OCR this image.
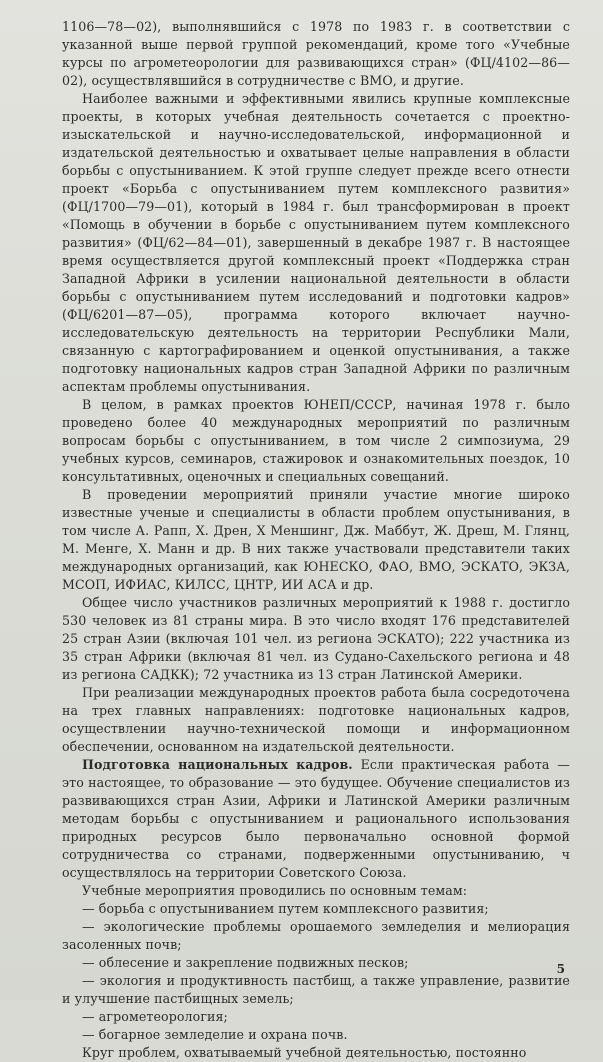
1106—78—02), выполнявшийся с 1978 по 1983 г. в соответствии с указанной выше первой группой рекомендаций, кроме того «Учебные курсы по агрометеорологии для развивающихся стран» (ФЦ/4102—86—02), осуществлявшийся в сотрудничестве с ВМО, и другие.

Наиболее важными и эффективными явились крупные комплексные проекты, в которых учебная деятельность сочетается с проектно-изыскательской и научно-исследовательской, информационной и издательской деятельностью и охватывает целые направления в области борьбы с опустыниванием. К этой группе следует прежде всего отнести проект «Борьба с опустыниванием путем комплексного развития» (ФЦ/1700—79—01), который в 1984 г. был трансформирован в проект «Помощь в обучении в борьбе с опустыниванием путем комплексного развития» (ФЦ/62—84—01), завершенный в декабре 1987 г. В настоящее время осуществляется другой комплексный проект «Поддержка стран Западной Африки в усилении национальной деятельности в области борьбы с опустыниванием путем исследований и подготовки кадров» (ФЦ/6201—87—05), программа которого включает научно-исследовательскую деятельность на территории Республики Мали, связанную с картографированием и оценкой опустынивания, а также подготовку национальных кадров стран Западной Африки по различным аспектам проблемы опустынивания.

В целом, в рамках проектов ЮНЕП/СССР, начиная 1978 г. было проведено более 40 международных мероприятий по различным вопросам борьбы с опустыниванием, в том числе 2 симпозиума, 29 учебных курсов, семинаров, стажировок и ознакомительных поездок, 10 консультативных, оценочных и специальных совещаний.

В проведении мероприятий приняли участие многие широко известные ученые и специалисты в области проблем опустынивания, в том числе А. Рапп, Х. Дрен, Х Меншинг, Дж. Маббут, Ж. Дреш, М. Глянц, М. Менге, Х. Манн и др. В них также участвовали представители таких международных организаций, как ЮНЕСКО, ФАО, ВМО, ЭСКАТО, ЭКЗА, МСОП, ИФИАС, КИЛСС, ЦНТР, ИИ АСА и др.

Общее число участников различных мероприятий к 1988 г. достигло 530 человек из 81 страны мира. В это число входят 176 представителей 25 стран Азии (включая 101 чел. из региона ЭСКАТО); 222 участника из 35 стран Африки (включая 81 чел. из Судано-Сахельского региона и 48 из региона САДКК); 72 участника из 13 стран Латинской Америки.

При реализации международных проектов работа была сосредоточена на трех главных направлениях: подготовке национальных кадров, осуществлении научно-технической помощи и информационном обеспечении, основанном на издательской деятельности.

Подготовка национальных кадров. Если практическая работа — это настоящее, то образование — это будущее. Обучение специалистов из развивающихся стран Азии, Африки и Латинской Америки различным методам борьбы с опустыниванием и рационального использования природных ресурсов было первоначально основной формой сотрудничества со странами, подверженными опустыниванию, ч осуществлялось на территории Советского Союза.

Учебные мероприятия проводились по основным темам:

— борьба с опустыниванием путем комплексного развития;

— экологические проблемы орошаемого земледелия и мелиорация засоленных почв;

— облесение и закрепление подвижных песков;

— экология и продуктивность пастбищ, а также управление, развитие и улучшение пастбищных земель;

— агрометеорология;

— богарное земледелие и охрана почв.

Круг проблем, охватываемый учебной деятельностью, постоянно

5
